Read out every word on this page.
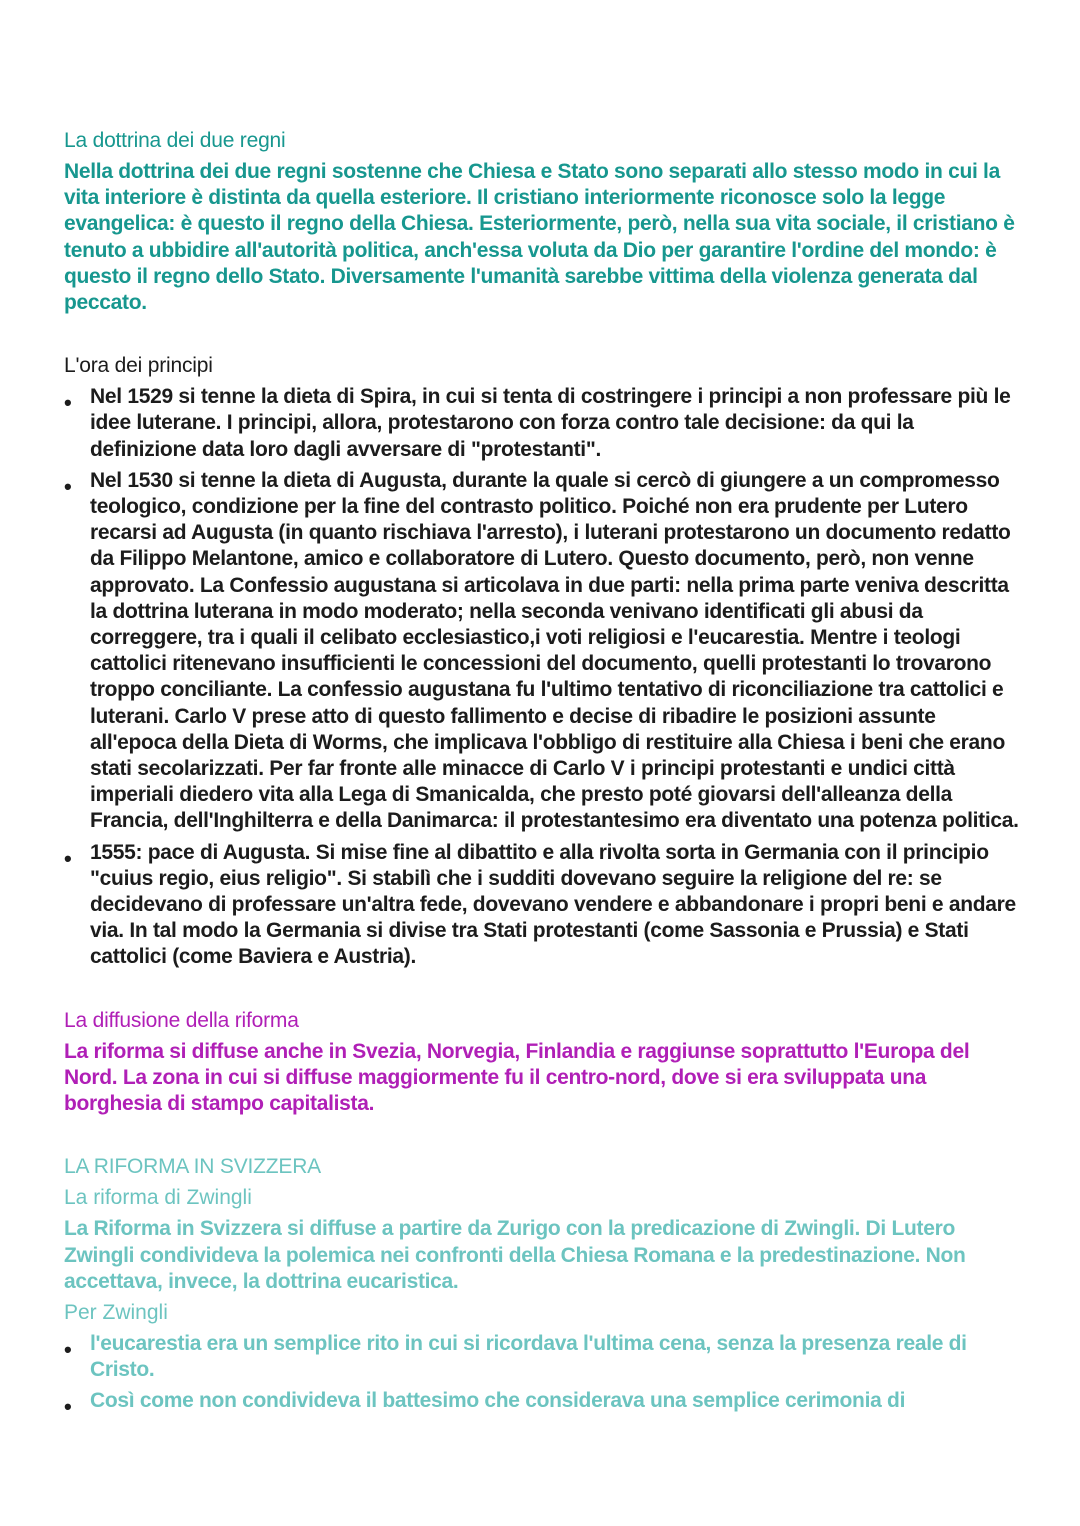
La dottrina dei due regni

Nella dottrina dei due regni sostenne che Chiesa e Stato sono separati allo stesso modo in cui la vita interiore è distinta da quella esteriore. Il cristiano interiormente riconosce solo la legge evangelica: è questo il regno della Chiesa. Esteriormente, però, nella sua vita sociale, il cristiano è tenuto a ubbidire all'autorità politica, anch'essa voluta da Dio per garantire l'ordine del mondo: è questo il regno dello Stato. Diversamente l'umanità sarebbe vittima della violenza generata dal peccato.

L'ora dei principi
• Nel 1529 si tenne la dieta di Spira, in cui si tenta di costringere i principi a non professare più le idee luterane. I principi, allora, protestarono con forza contro tale decisione: da qui la definizione data loro dagli avversare di "protestanti".
• Nel 1530 si tenne la dieta di Augusta, durante la quale si cercò di giungere a un compromesso teologico, condizione per la fine del contrasto politico. Poiché non era prudente per Lutero recarsi ad Augusta (in quanto rischiava l'arresto), i luterani protestarono un documento redatto da Filippo Melantone, amico e collaboratore di Lutero. Questo documento, però, non venne approvato. La Confessio augustana si articolava in due parti: nella prima parte veniva descritta la dottrina luterana in modo moderato; nella seconda venivano identificati gli abusi da correggere, tra i quali il celibato ecclesiastico,i voti religiosi e l'eucarestia. Mentre i teologi cattolici ritenevano insufficienti le concessioni del documento, quelli protestanti lo trovarono troppo conciliante. La confessio augustana fu l'ultimo tentativo di riconciliazione tra cattolici e luterani. Carlo V prese atto di questo fallimento e decise di ribadire le posizioni assunte all'epoca della Dieta di Worms, che implicava l'obbligo di restituire alla Chiesa i beni che erano stati secolarizzati. Per far fronte alle minacce di Carlo V i principi protestanti e undici città imperiali diedero vita alla Lega di Smanicalda, che presto poté giovarsi dell'alleanza della Francia, dell'Inghilterra e della Danimarca: il protestantesimo era diventato una potenza politica.
• 1555: pace di Augusta. Si mise fine al dibattito e alla rivolta sorta in Germania con il principio "cuius regio, eius religio". Si stabilì che i sudditi dovevano seguire la religione del re: se decidevano di professare un'altra fede, dovevano vendere e abbandonare i propri beni e andare via. In tal modo la Germania si divise tra Stati protestanti (come Sassonia e Prussia) e Stati cattolici (come Baviera e Austria).
La diffusione della riforma

La riforma si diffuse anche in Svezia, Norvegia, Finlandia e raggiunse soprattutto l'Europa del Nord. La zona in cui si diffuse maggiormente fu il centro-nord, dove si era sviluppata una borghesia di stampo capitalista.

LA RIFORMA IN SVIZZERA
La riforma di Zwingli

La Riforma in Svizzera si diffuse a partire da Zurigo con la predicazione di Zwingli. Di Lutero Zwingli condivideva la polemica nei confronti della Chiesa Romana e la predestinazione. Non accettava, invece, la dottrina eucaristica.

Per Zwingli
• l'eucarestia era un semplice rito in cui si ricordava l'ultima cena, senza la presenza reale di Cristo.
• Così come non condivideva il battesimo che considerava una semplice cerimonia di
